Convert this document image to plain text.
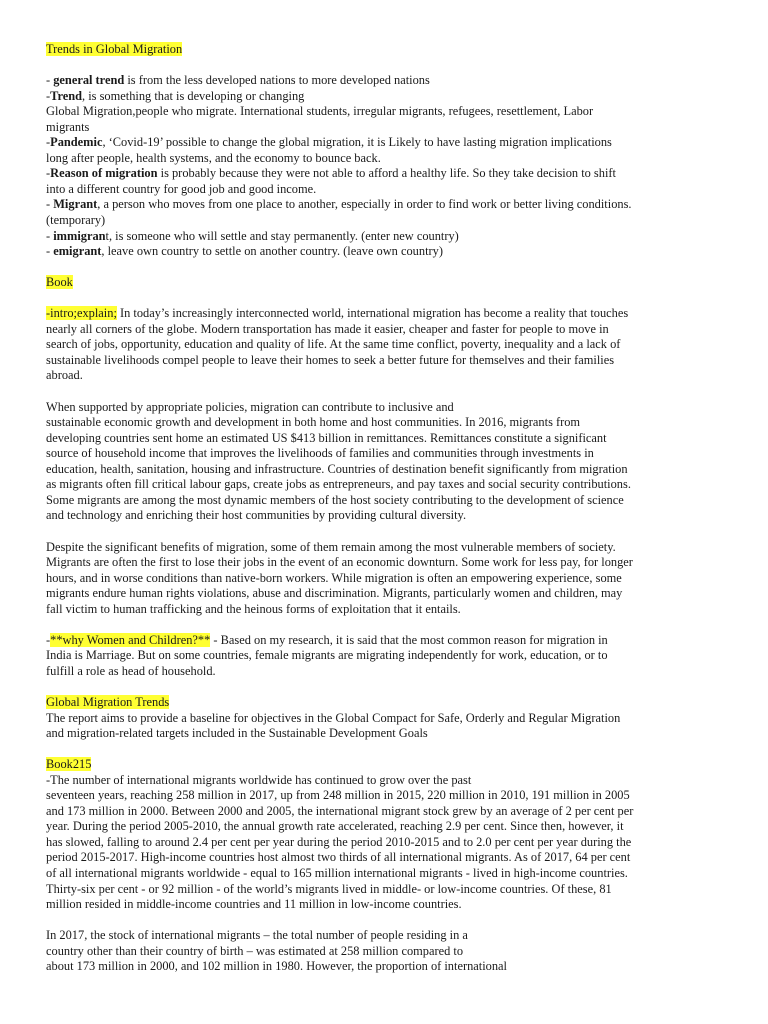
Trends in Global Migration
- general trend is from the less developed nations to more developed nations
-Trend, is something that is developing or changing
Global Migration,people who migrate. International students, irregular migrants, refugees, resettlement, Labor
migrants
-Pandemic, ‘Covid-19’ possible to change the global migration, it is Likely to have lasting migration implications
long after people, health systems, and the economy to bounce back.
-Reason of migration is probably because they were not able to afford a healthy life. So they take decision to shift
into a different country for good job and good income.
- Migrant, a person who moves from one place to another, especially in order to find work or better living conditions.
(temporary)
- immigrant, is someone who will settle and stay permanently. (enter new country)
- emigrant, leave own country to settle on another country. (leave own country)
Book
-intro;explain; In today’s increasingly interconnected world, international migration has become a reality that touches
nearly all corners of the globe. Modern transportation has made it easier, cheaper and faster for people to move in
search of jobs, opportunity, education and quality of life. At the same time conflict, poverty, inequality and a lack of
sustainable livelihoods compel people to leave their homes to seek a better future for themselves and their families
abroad.
When supported by appropriate policies, migration can contribute to inclusive and
sustainable economic growth and development in both home and host communities. In 2016, migrants from
developing countries sent home an estimated US $413 billion in remittances. Remittances constitute a significant
source of household income that improves the livelihoods of families and communities through investments in
education, health, sanitation, housing and infrastructure. Countries of destination benefit significantly from migration
as migrants often fill critical labour gaps, create jobs as entrepreneurs, and pay taxes and social security contributions.
Some migrants are among the most dynamic members of the host society contributing to the development of science
and technology and enriching their host communities by providing cultural diversity.
Despite the significant benefits of migration, some of them remain among the most vulnerable members of society.
Migrants are often the first to lose their jobs in the event of an economic downturn. Some work for less pay, for longer
hours, and in worse conditions than native-born workers. While migration is often an empowering experience, some
migrants endure human rights violations, abuse and discrimination. Migrants, particularly women and children, may
fall victim to human trafficking and the heinous forms of exploitation that it entails.
-**why Women and Children?** - Based on my research, it is said that the most common reason for migration in
India is Marriage. But on some countries, female migrants are migrating independently for work, education, or to
fulfill a role as head of household.
Global Migration Trends
The report aims to provide a baseline for objectives in the Global Compact for Safe, Orderly and Regular Migration
and migration-related targets included in the Sustainable Development Goals
Book215
-The number of international migrants worldwide has continued to grow over the past
seventeen years, reaching 258 million in 2017, up from 248 million in 2015, 220 million in 2010, 191 million in 2005
and 173 million in 2000. Between 2000 and 2005, the international migrant stock grew by an average of 2 per cent per
year. During the period 2005-2010, the annual growth rate accelerated, reaching 2.9 per cent. Since then, however, it
has slowed, falling to around 2.4 per cent per year during the period 2010-2015 and to 2.0 per cent per year during the
period 2015-2017. High-income countries host almost two thirds of all international migrants. As of 2017, 64 per cent
of all international migrants worldwide - equal to 165 million international migrants - lived in high-income countries.
Thirty-six per cent - or 92 million - of the world’s migrants lived in middle- or low-income countries. Of these, 81
million resided in middle-income countries and 11 million in low-income countries.
In 2017, the stock of international migrants – the total number of people residing in a
country other than their country of birth – was estimated at 258 million compared to
about 173 million in 2000, and 102 million in 1980. However, the proportion of international
